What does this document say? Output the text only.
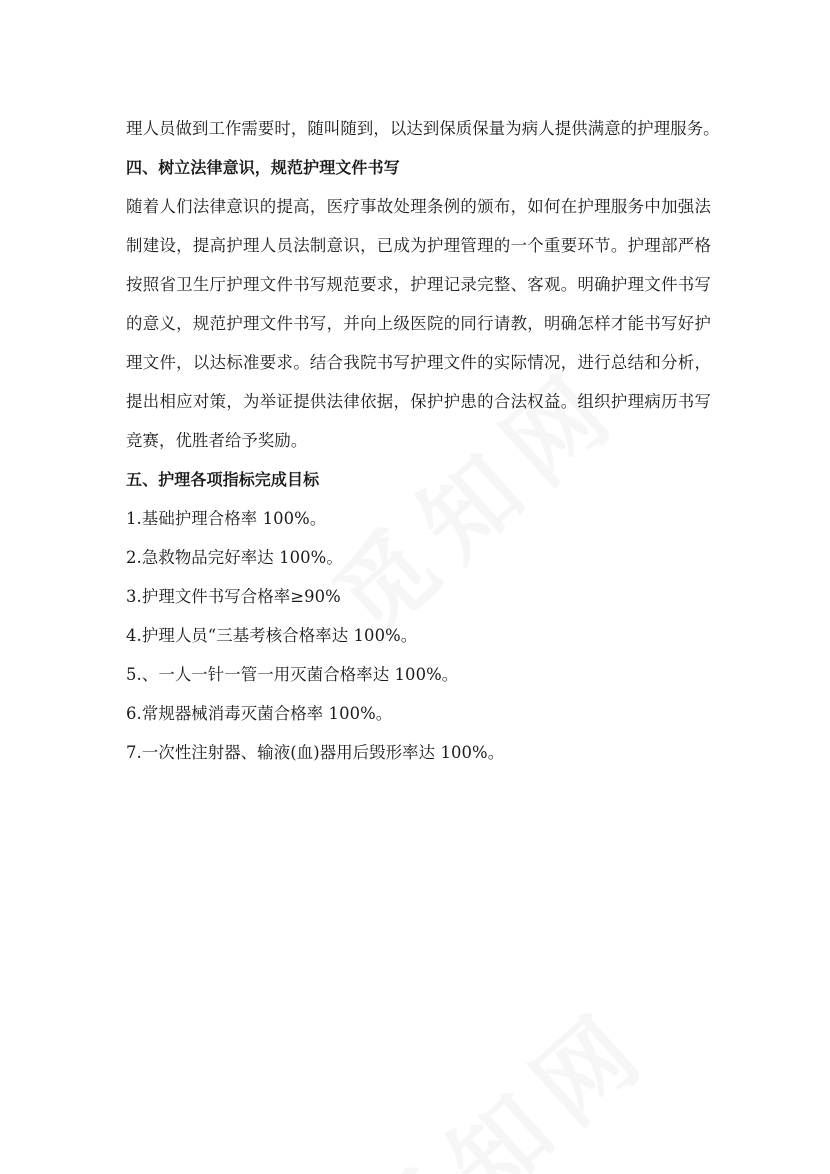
理人员做到工作需要时，随叫随到，以达到保质保量为病人提供满意的护理服务。
四、树立法律意识，规范护理文件书写
随着人们法律意识的提高，医疗事故处理条例的颁布，如何在护理服务中加强法
制建设，提高护理人员法制意识，已成为护理管理的一个重要环节。护理部严格
按照省卫生厅护理文件书写规范要求，护理记录完整、客观。明确护理文件书写
的意义，规范护理文件书写，并向上级医院的同行请教，明确怎样才能书写好护
理文件，以达标准要求。结合我院书写护理文件的实际情况，进行总结和分析，
提出相应对策，为举证提供法律依据，保护护患的合法权益。组织护理病历书写
竞赛，优胜者给予奖励。
五、护理各项指标完成目标
1.基础护理合格率 100%。
2.急救物品完好率达 100%。
3.护理文件书写合格率≥90%
4.护理人员“三基考核合格率达 100%。
5.、一人一针一管一用灭菌合格率达 100%。
6.常规器械消毒灭菌合格率 100%。
7.一次性注射器、输液(血)器用后毁形率达 100%。
